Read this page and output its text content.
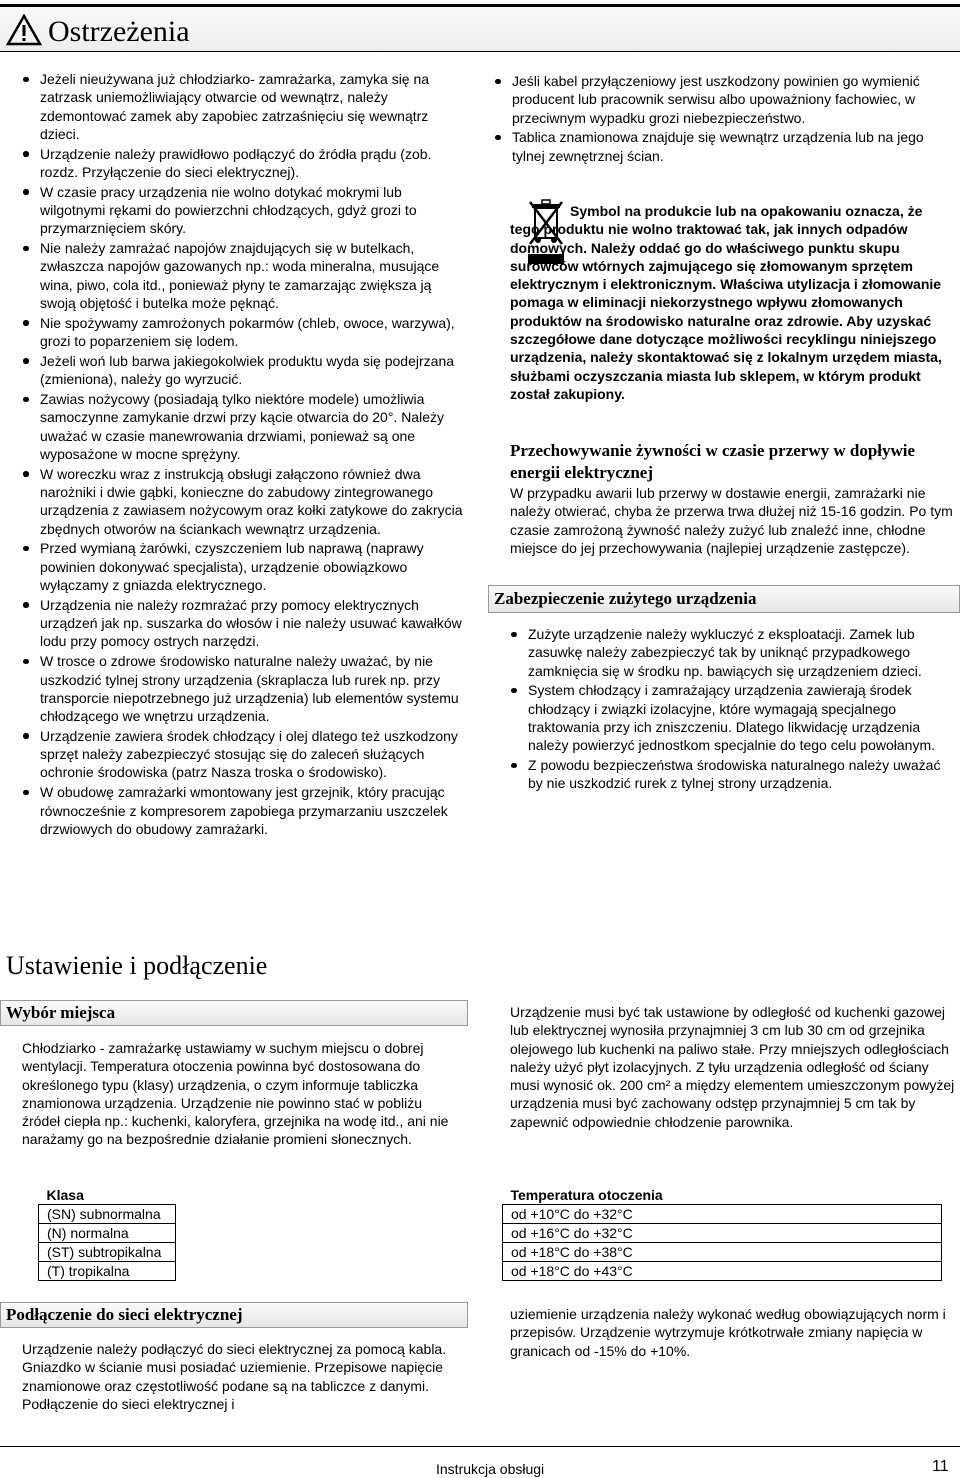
Ostrzeżenia
Jeżeli nieużywana już chłodziarko- zamrażarka, zamyka się na zatrzask uniemożliwiający otwarcie od wewnątrz, należy zdemontować zamek aby zapobiec zatrzaśnięciu się wewnątrz dzieci.
Urządzenie należy prawidłowo podłączyć do źródła prądu (zob. rozdz. Przyłączenie do sieci elektrycznej).
W czasie pracy urządzenia nie wolno dotykać mokrymi lub wilgotnymi rękami do powierzchni chłodzących, gdyż grozi to przymarznięciem skóry.
Nie należy zamrażać napojów znajdujących się w butelkach, zwłaszcza napojów gazowanych np.: woda mineralna, musujące wina, piwo, cola itd., ponieważ płyny te zamarzając zwiększa ją swoją objętość i butelka może pęknąć.
Nie spożywamy zamrożonych pokarmów (chleb, owoce, warzywa), grozi to poparzeniem się lodem.
Jeżeli woń lub barwa jakiegokolwiek produktu wyda się podejrzana (zmieniona), należy go wyrzucić.
Zawias nożycowy (posiadają tylko niektóre modele) umożliwia samoczynne zamykanie drzwi przy kącie otwarcia do 20°. Należy uważać w czasie manewrowania drzwiami, ponieważ są one wyposażone w mocne sprężyny.
W woreczku wraz z instrukcją obsługi załączono również dwa narożniki i dwie gąbki, konieczne do zabudowy zintegrowanego urządzenia z zawiasem nożycowym oraz kołki zatykowe do zakrycia zbędnych otworów na ściankach wewnątrz urządzenia.
Przed wymianą żarówki, czyszczeniem lub naprawą (naprawy powinien dokonywać specjalista), urządzenie obowiązkowo wyłączamy z gniazda elektrycznego.
Urządzenia nie należy rozmrażać przy pomocy elektrycznych urządzeń jak np. suszarka do włosów i nie należy usuwać kawałków lodu przy pomocy ostrych narzędzi.
W trosce o zdrowe środowisko naturalne należy uważać, by nie uszkodzić tylnej strony urządzenia (skraplacza lub rurek np. przy transporcie niepotrzebnego już urządzenia) lub elementów systemu chłodzącego we wnętrzu urządzenia.
Urządzenie zawiera środek chłodzący i olej dlatego też uszkodzony sprzęt należy zabezpieczyć stosując się do zaleceń służących ochronie środowiska (patrz Nasza troska o środowisko).
W obudowę zamrażarki wmontowany jest grzejnik, który pracując równocześnie z kompresorem zapobiega przymarzaniu uszczelek drzwiowych do obudowy zamrażarki.
Jeśli kabel przyłączeniowy jest uszkodzony powinien go wymienić producent lub pracownik serwisu albo upoważniony fachowiec, w przeciwnym wypadku grozi niebezpieczeństwo.
Tablica znamionowa znajduje się wewnątrz urządzenia lub na jego tylnej zewnętrznej ścian.
Symbol na produkcie lub na opakowaniu oznacza, że tego produktu nie wolno traktować tak, jak innych odpadów domowych. Należy oddać go do właściwego punktu skupu surowców wtórnych zajmującego się złomowanym sprzętem elektrycznym i elektronicznym. Właściwa utylizacja i złomowanie pomaga w eliminacji niekorzystnego wpływu złomowanych produktów na środowisko naturalne oraz zdrowie. Aby uzyskać szczegółowe dane dotyczące możliwości recyklingu niniejszego urządzenia, należy skontaktować się z lokalnym urzędem miasta, służbami oczyszczania miasta lub sklepem, w którym produkt został zakupiony.
Przechowywanie żywności w czasie przerwy w dopływie energii elektrycznej
W przypadku awarii lub przerwy w dostawie energii, zamrażarki nie należy otwierać, chyba że przerwa trwa dłużej niż 15-16 godzin. Po tym czasie zamrożoną żywność należy zużyć lub znaleźć inne, chłodne miejsce do jej przechowywania (najlepiej urządzenie zastępcze).
Zabezpieczenie zużytego urządzenia
Zużyte urządzenie należy wykluczyć z eksploatacji. Zamek lub zasuwkę należy zabezpieczyć tak by uniknąć przypadkowego zamknięcia się w środku np. bawiących się urządzeniem dzieci.
System chłodzący i zamrażający urządzenia zawierają środek chłodzący i związki izolacyjne, które wymagają specjalnego traktowania przy ich zniszczeniu. Dlatego likwidację urządzenia należy powierzyć jednostkom specjalnie do tego celu powołanym.
Z powodu bezpieczeństwa środowiska naturalnego należy uważać by nie uszkodzić rurek z tylnej strony urządzenia.
Ustawienie i podłączenie
Wybór miejsca
Chłodziarko - zamrażarkę ustawiamy w suchym miejscu o dobrej wentylacji. Temperatura otoczenia powinna być dostosowana do określonego typu (klasy) urządzenia, o czym informuje tabliczka znamionowa urządzenia. Urządzenie nie powinno stać w pobliżu źródeł ciepła np.: kuchenki, kaloryfera, grzejnika na wodę itd., ani nie narażamy go na bezpośrednie działanie promieni słonecznych.
Urządzenie musi być tak ustawione by odległość od kuchenki gazowej lub elektrycznej wynosiła przynajmniej 3 cm lub 30 cm od grzejnika olejowego lub kuchenki na paliwo stałe. Przy mniejszych odległościach należy użyć płyt izolacyjnych. Z tyłu urządzenia odległość od ściany musi wynosić ok. 200 cm² a między elementem umieszczonym powyżej urządzenia musi być zachowany odstęp przynajmniej 5 cm tak by zapewnić odpowiednie chłodzenie parownika.
Klasa		Temperatura otoczenia
(SN) subnormalna		od +10°C do +32°C
(N) normalna		od +16°C do +32°C
(ST) subtropikalna		od +18°C do +38°C
(T) tropikalna		od +18°C do +43°C
Podłączenie do sieci elektrycznej
Urządzenie należy podłączyć do sieci elektrycznej za pomocą kabla. Gniazdko w ścianie musi posiadać uziemienie. Przepisowe napięcie znamionowe oraz częstotliwość podane są na tabliczce z danymi. Podłączenie do sieci elektrycznej i
uziemienie urządzenia należy wykonać według obowiązujących norm i przepisów. Urządzenie wytrzymuje krótkotrwałe zmiany napięcia w granicach od -15% do +10%.
Instrukcja obsługi	11
